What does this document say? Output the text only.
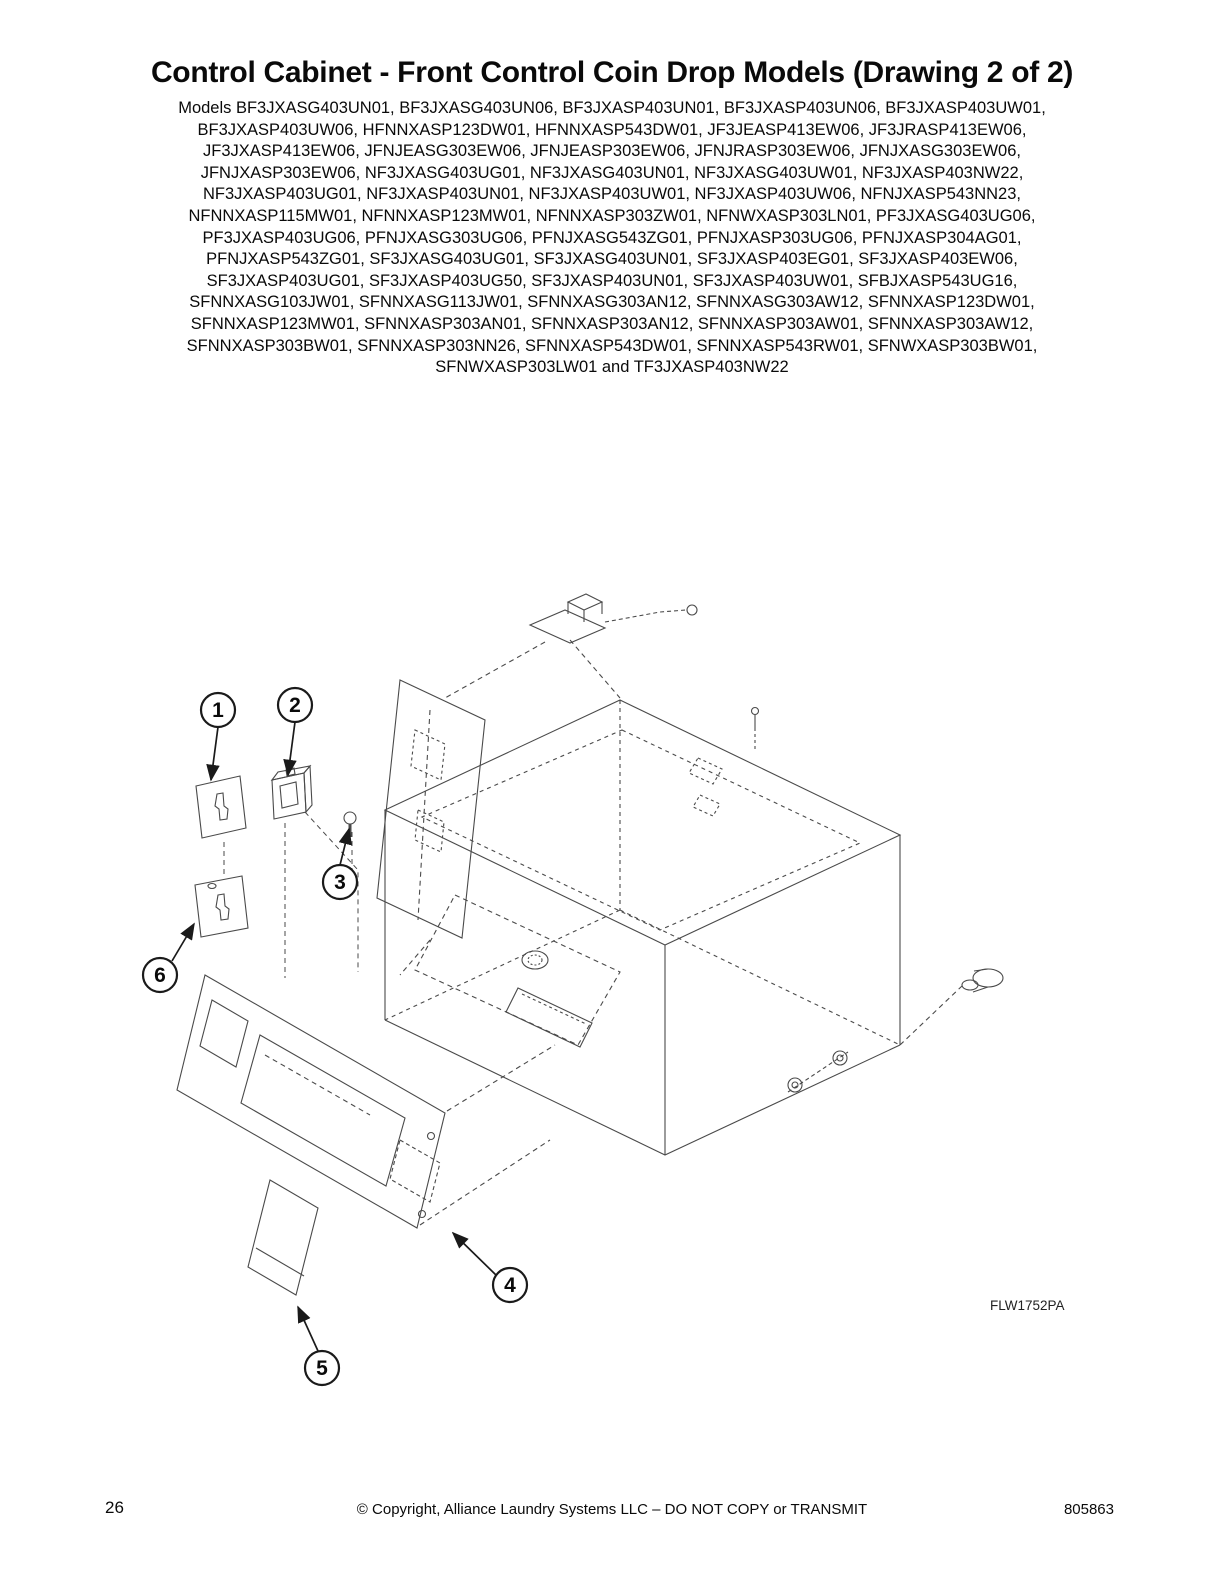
Control Cabinet - Front Control Coin Drop Models (Drawing 2 of 2)
Models BF3JXASG403UN01, BF3JXASG403UN06, BF3JXASP403UN01, BF3JXASP403UN06, BF3JXASP403UW01,
BF3JXASP403UW06, HFNNXASP123DW01, HFNNXASP543DW01, JF3JEASP413EW06, JF3JRASP413EW06,
JF3JXASP413EW06, JFNJEASG303EW06, JFNJEASP303EW06, JFNJRASP303EW06, JFNJXASG303EW06,
JFNJXASP303EW06, NF3JXASG403UG01, NF3JXASG403UN01, NF3JXASG403UW01, NF3JXASP403NW22,
NF3JXASP403UG01, NF3JXASP403UN01, NF3JXASP403UW01, NF3JXASP403UW06, NFNJXASP543NN23,
NFNNXASP115MW01, NFNNXASP123MW01, NFNNXASP303ZW01, NFNWXASP303LN01, PF3JXASG403UG06,
PF3JXASP403UG06, PFNJXASG303UG06, PFNJXASG543ZG01, PFNJXASP303UG06, PFNJXASP304AG01,
PFNJXASP543ZG01, SF3JXASG403UG01, SF3JXASG403UN01, SF3JXASP403EG01, SF3JXASP403EW06,
SF3JXASP403UG01, SF3JXASP403UG50, SF3JXASP403UN01, SF3JXASP403UW01, SFBJXASP543UG16,
SFNNXASG103JW01, SFNNXASG113JW01, SFNNXASG303AN12, SFNNXASG303AW12, SFNNXASP123DW01,
SFNNXASP123MW01, SFNNXASP303AN01, SFNNXASP303AN12, SFNNXASP303AW01, SFNNXASP303AW12,
SFNNXASP303BW01, SFNNXASP303NN26, SFNNXASP543DW01, SFNNXASP543RW01, SFNWXASP303BW01,
SFNWXASP303LW01 and TF3JXASP403NW22
1	2
3
4
5
6
FLW1752PA
26	© Copyright, Alliance Laundry Systems LLC – DO NOT COPY or TRANSMIT	805863
